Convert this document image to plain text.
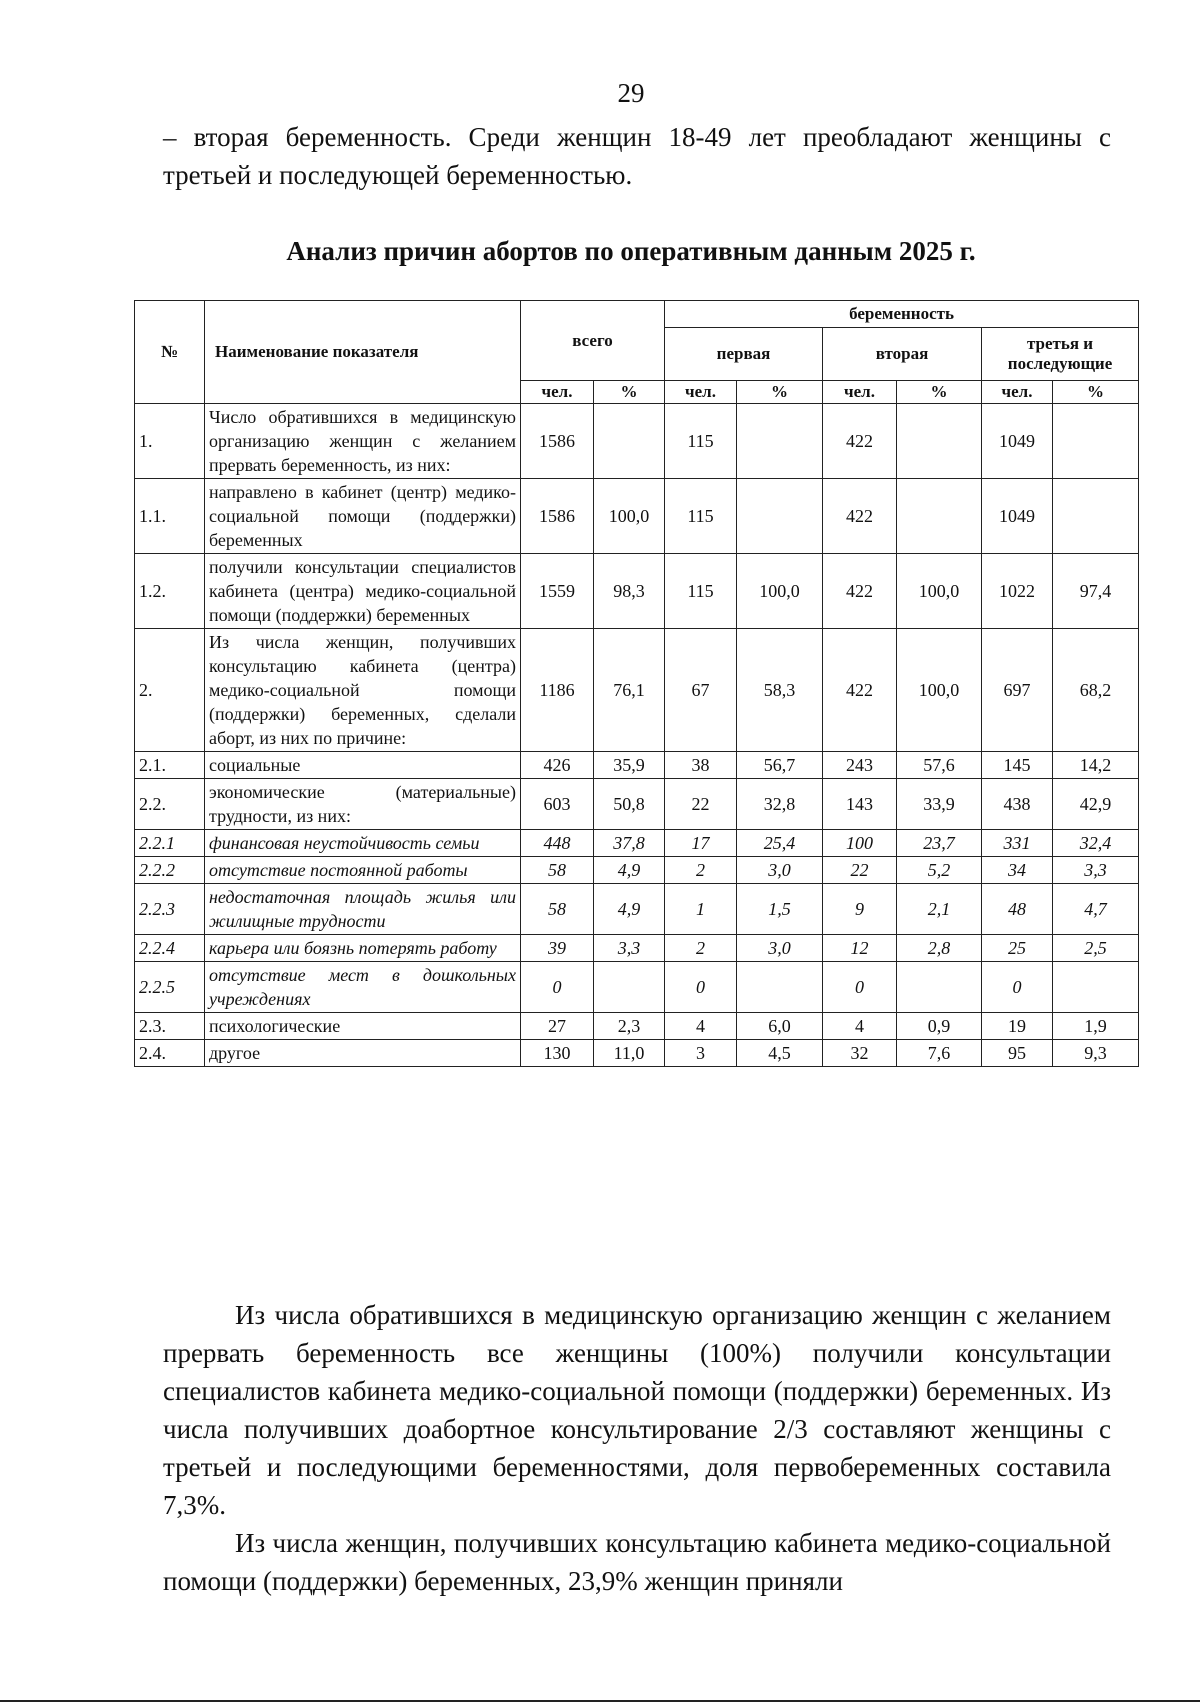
29

– вторая беременность. Среди женщин 18-49 лет преобладают женщины с третьей и последующей беременностью.

Анализ причин абортов по оперативным данным 2025 г.
№	Наименование показателя	всего		беременность					
				первая		вторая		третья и последующие	
		чел.	%	чел.	%	чел.	%	чел.	%
1.	Число обратившихся в медицинскую организацию женщин с желанием прервать беременность, из них:	1586		115		422		1049	
1.1.	направлено в кабинет (центр) медико-социальной помощи (поддержки) беременных	1586	100,0	115		422		1049	
1.2.	получили консультации специалистов кабинета (центра) медико-социальной помощи (поддержки) беременных	1559	98,3	115	100,0	422	100,0	1022	97,4
2.	Из числа женщин, получивших консультацию кабинета (центра) медико-социальной помощи (поддержки) беременных, сделали аборт, из них по причине:	1186	76,1	67	58,3	422	100,0	697	68,2
2.1.	социальные	426	35,9	38	56,7	243	57,6	145	14,2
2.2.	экономические (материальные) трудности, из них:	603	50,8	22	32,8	143	33,9	438	42,9
2.2.1	финансовая неустойчивость семьи	448	37,8	17	25,4	100	23,7	331	32,4
2.2.2	отсутствие постоянной работы	58	4,9	2	3,0	22	5,2	34	3,3
2.2.3	недостаточная площадь жилья или жилищные трудности	58	4,9	1	1,5	9	2,1	48	4,7
2.2.4	карьера или боязнь потерять работу	39	3,3	2	3,0	12	2,8	25	2,5
2.2.5	отсутствие мест в дошкольных учреждениях	0		0		0		0	
2.3.	психологические	27	2,3	4	6,0	4	0,9	19	1,9
2.4.	другое	130	11,0	3	4,5	32	7,6	95	9,3

Из числа обратившихся в медицинскую организацию женщин с желанием прервать беременность все женщины (100%) получили консультации специалистов кабинета медико-социальной помощи (поддержки) беременных. Из числа получивших доабортное консультирование 2/3 составляют женщины с третьей и последующими беременностями, доля первобеременных составила 7,3%.

Из числа женщин, получивших консультацию кабинета медико-социальной помощи (поддержки) беременных, 23,9% женщин приняли
